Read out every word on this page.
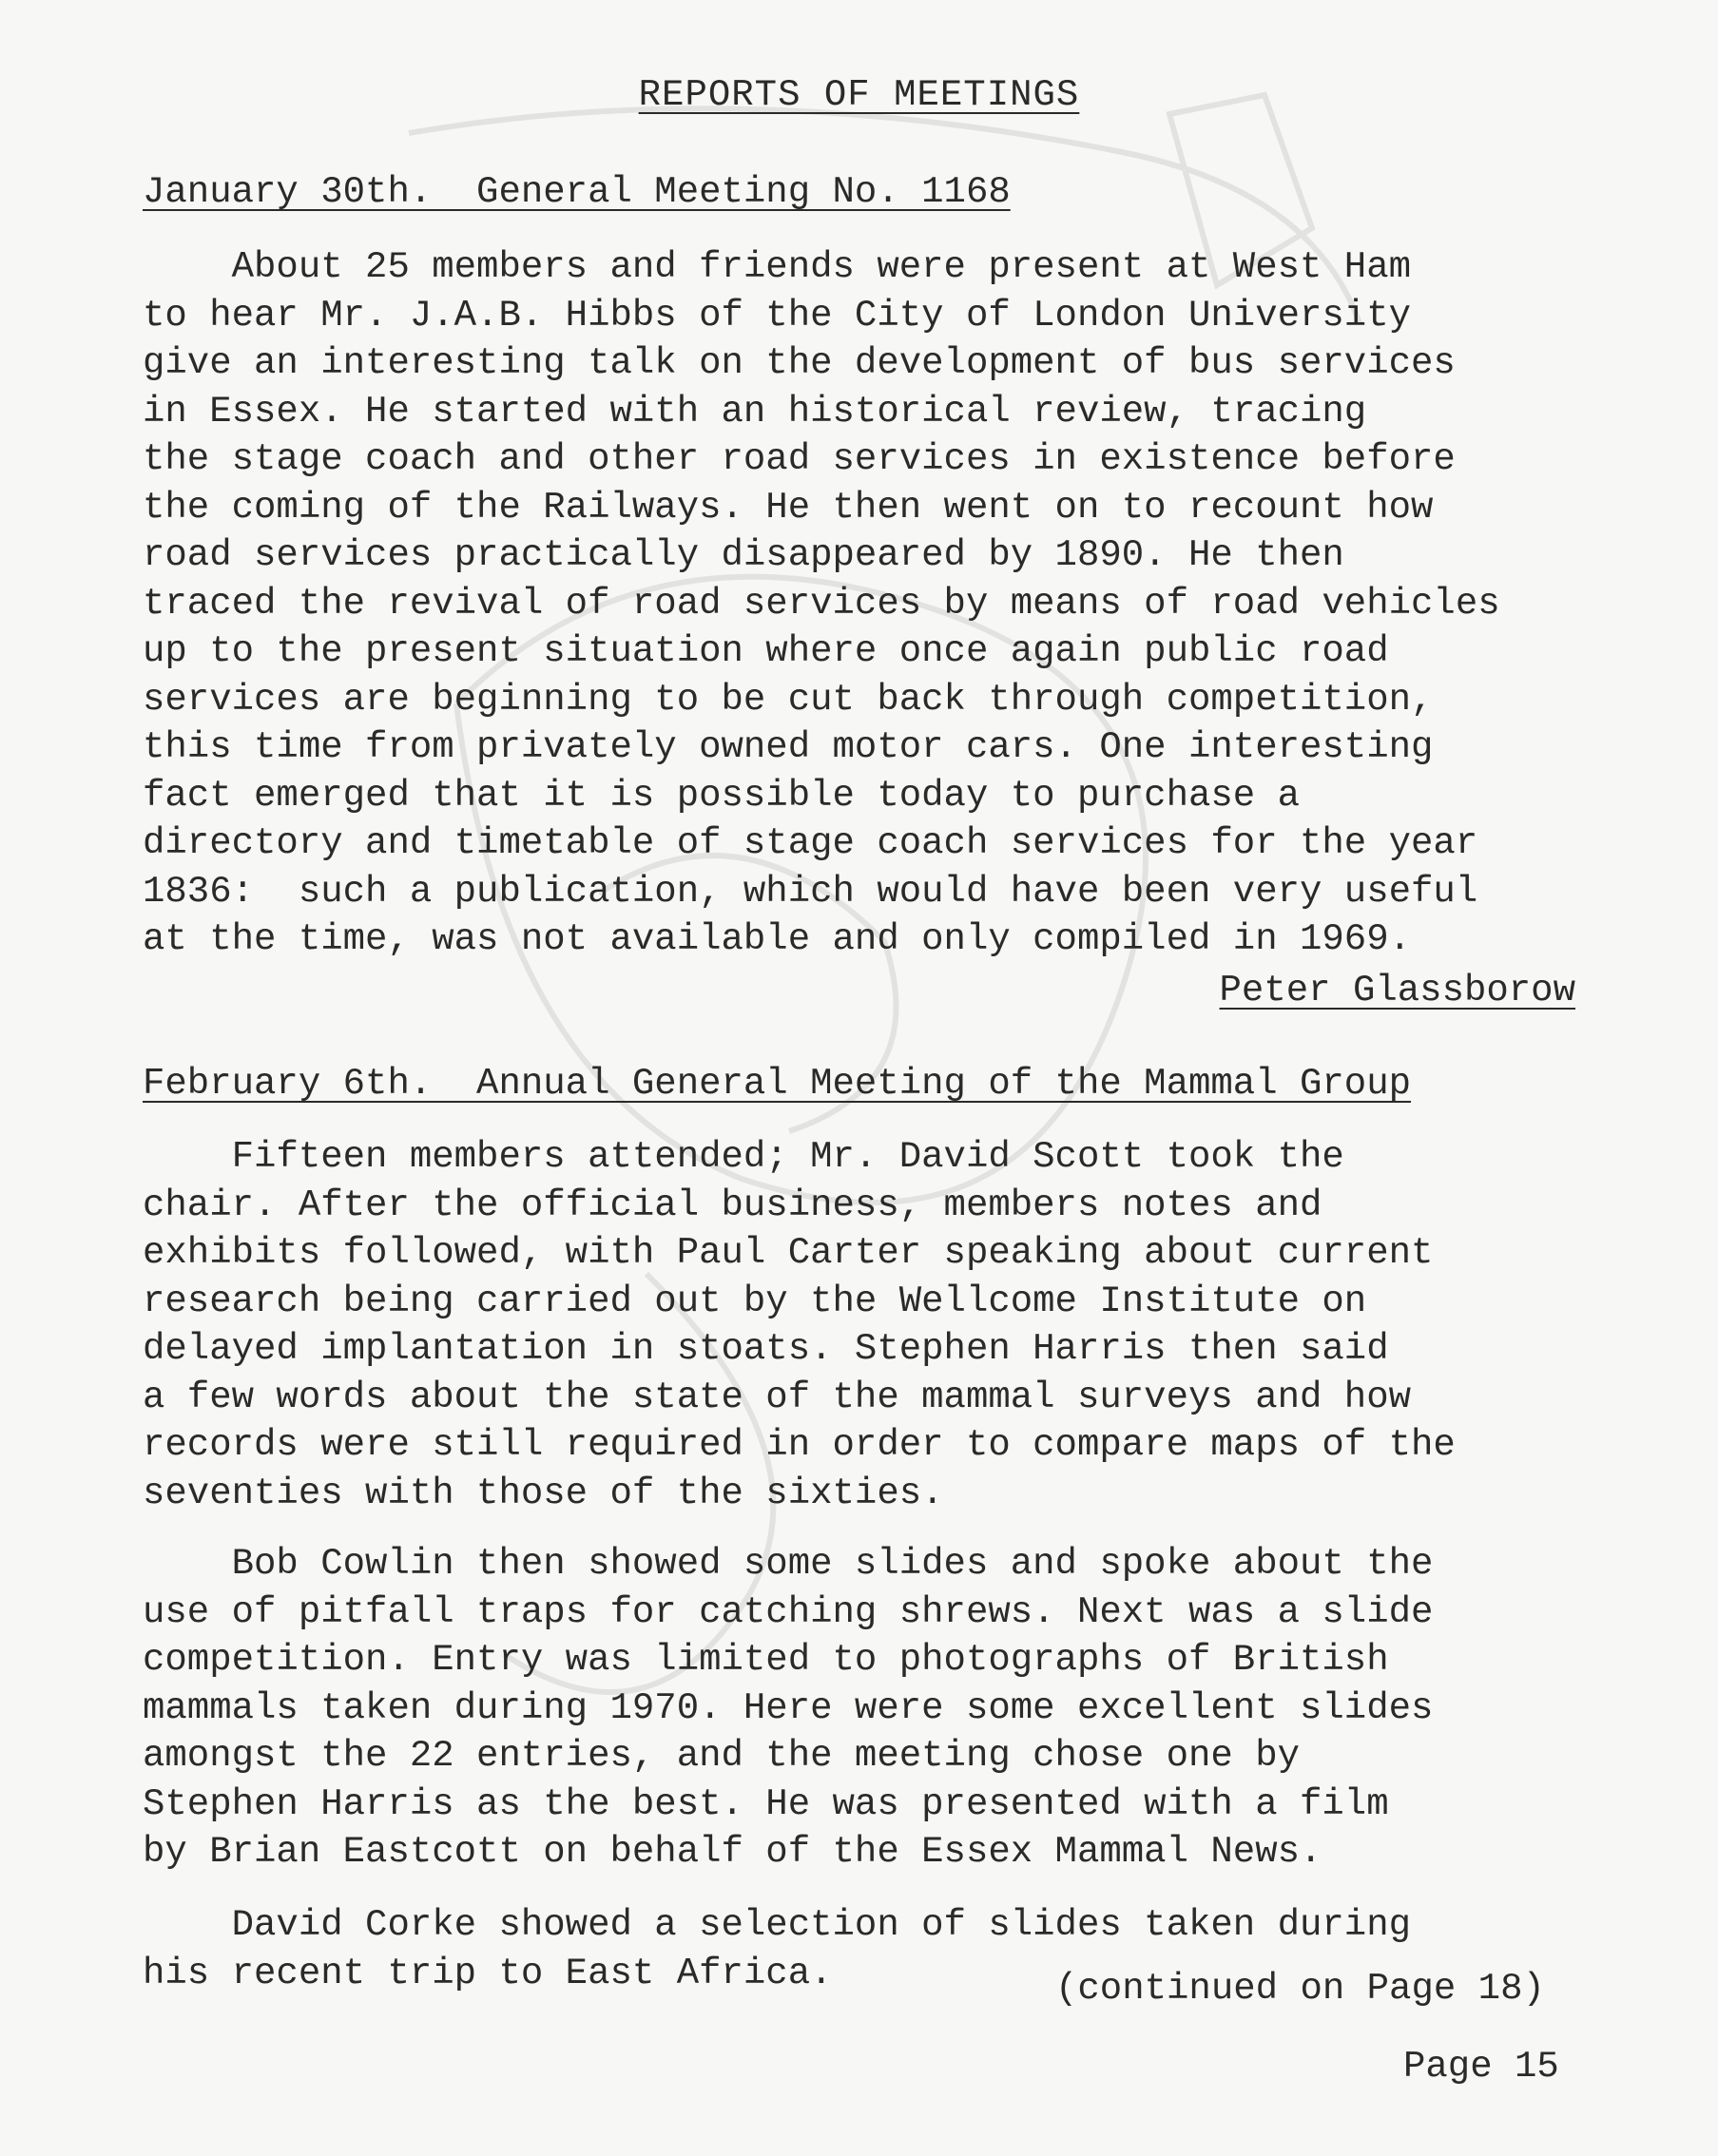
REPORTS OF MEETINGS
January 30th.  General Meeting No. 1168
About 25 members and friends were present at West Ham
to hear Mr. J.A.B. Hibbs of the City of London University
give an interesting talk on the development of bus services
in Essex. He started with an historical review, tracing
the stage coach and other road services in existence before
the coming of the Railways. He then went on to recount how
road services practically disappeared by 1890. He then
traced the revival of road services by means of road vehicles
up to the present situation where once again public road
services are beginning to be cut back through competition,
this time from privately owned motor cars. One interesting
fact emerged that it is possible today to purchase a
directory and timetable of stage coach services for the year
1836:  such a publication, which would have been very useful
at the time, was not available and only compiled in 1969.
Peter Glassborow
February 6th.  Annual General Meeting of the Mammal Group
Fifteen members attended; Mr. David Scott took the
chair. After the official business, members notes and
exhibits followed, with Paul Carter speaking about current
research being carried out by the Wellcome Institute on
delayed implantation in stoats. Stephen Harris then said
a few words about the state of the mammal surveys and how
records were still required in order to compare maps of the
seventies with those of the sixties.
Bob Cowlin then showed some slides and spoke about the
use of pitfall traps for catching shrews. Next was a slide
competition. Entry was limited to photographs of British
mammals taken during 1970. Here were some excellent slides
amongst the 22 entries, and the meeting chose one by
Stephen Harris as the best. He was presented with a film
by Brian Eastcott on behalf of the Essex Mammal News.
David Corke showed a selection of slides taken during
his recent trip to East Africa.	(continued on Page 18)
Page 15
